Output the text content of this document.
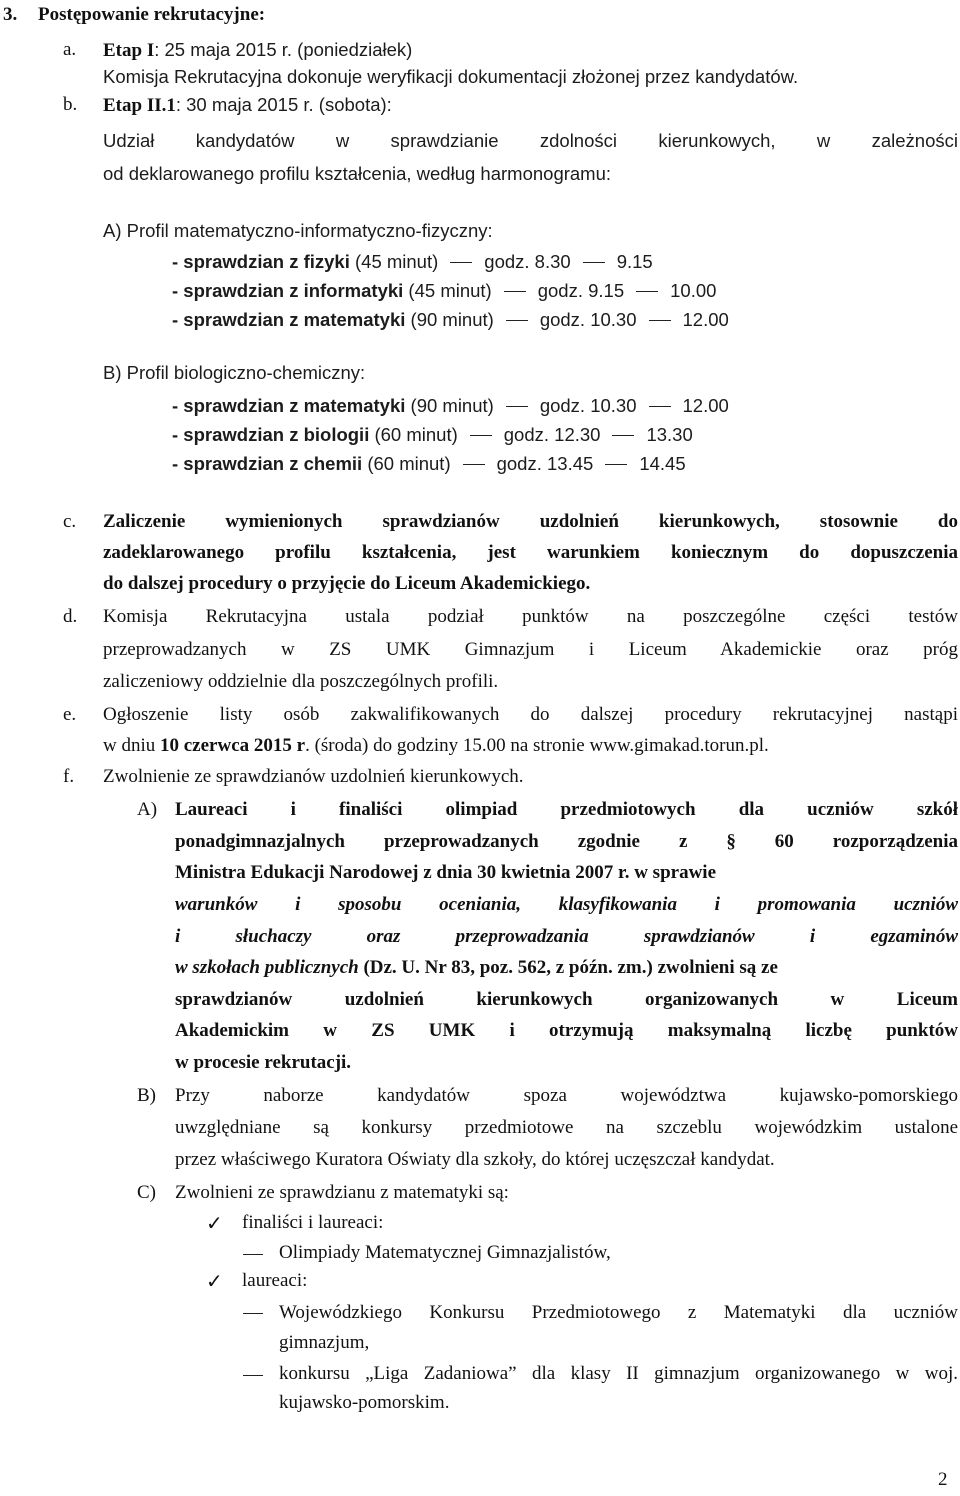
3. Postępowanie rekrutacyjne:
a. Etap I: 25 maja 2015 r. (poniedziałek)
Komisja Rekrutacyjna dokonuje weryfikacji dokumentacji złożonej przez kandydatów.
b. Etap II.1: 30 maja 2015 r. (sobota):
Udział kandydatów w sprawdzianie zdolności kierunkowych, w zależności
od deklarowanego profilu kształcenia, według harmonogramu:
A) Profil matematyczno-informatyczno-fizyczny:
- sprawdzian z fizyki (45 minut) godz. 8.30 9.15
- sprawdzian z informatyki (45 minut) godz. 9.15 10.00
- sprawdzian z matematyki (90 minut) godz. 10.30 12.00
B) Profil biologiczno-chemiczny:
- sprawdzian z matematyki (90 minut) godz. 10.30 12.00
- sprawdzian z biologii (60 minut) godz. 12.30 13.30
- sprawdzian z chemii (60 minut) godz. 13.45 14.45
c. Zaliczenie wymienionych sprawdzianów uzdolnień kierunkowych, stosownie do
zadeklarowanego profilu kształcenia, jest warunkiem koniecznym do dopuszczenia
do dalszej procedury o przyjęcie do Liceum Akademickiego.
d. Komisja Rekrutacyjna ustala podział punktów na poszczególne części testów
przeprowadzanych w ZS UMK Gimnazjum i Liceum Akademickie oraz próg
zaliczeniowy oddzielnie dla poszczególnych profili.
e. Ogłoszenie listy osób zakwalifikowanych do dalszej procedury rekrutacyjnej nastąpi
w dniu 10 czerwca 2015 r. (środa) do godziny 15.00 na stronie www.gimakad.torun.pl.
f. Zwolnienie ze sprawdzianów uzdolnień kierunkowych.
A) Laureaci i finaliści olimpiad przedmiotowych dla uczniów szkół
ponadgimnazjalnych przeprowadzanych zgodnie z § 60 rozporządzenia
Ministra Edukacji Narodowej z dnia 30 kwietnia 2007 r. w sprawie
warunków i sposobu oceniania, klasyfikowania i promowania uczniów
i słuchaczy oraz przeprowadzania sprawdzianów i egzaminów
w szkołach publicznych (Dz. U. Nr 83, poz. 562, z późn. zm.) zwolnieni są ze
sprawdzianów uzdolnień kierunkowych organizowanych w Liceum
Akademickim w ZS UMK i otrzymują maksymalną liczbę punktów
w procesie rekrutacji.
B) Przy naborze kandydatów spoza województwa kujawsko-pomorskiego
uwzględniane są konkursy przedmiotowe na szczeblu wojewódzkim ustalone
przez właściwego Kuratora Oświaty dla szkoły, do której uczęszczał kandydat.
C) Zwolnieni ze sprawdzianu z matematyki są:
✓ finaliści i laureaci:
Olimpiady Matematycznej Gimnazjalistów,
✓ laureaci:
Wojewódzkiego Konkursu Przedmiotowego z Matematyki dla uczniów
gimnazjum,
konkursu „Liga Zadaniowa” dla klasy II gimnazjum organizowanego w woj.
kujawsko-pomorskim.
2
